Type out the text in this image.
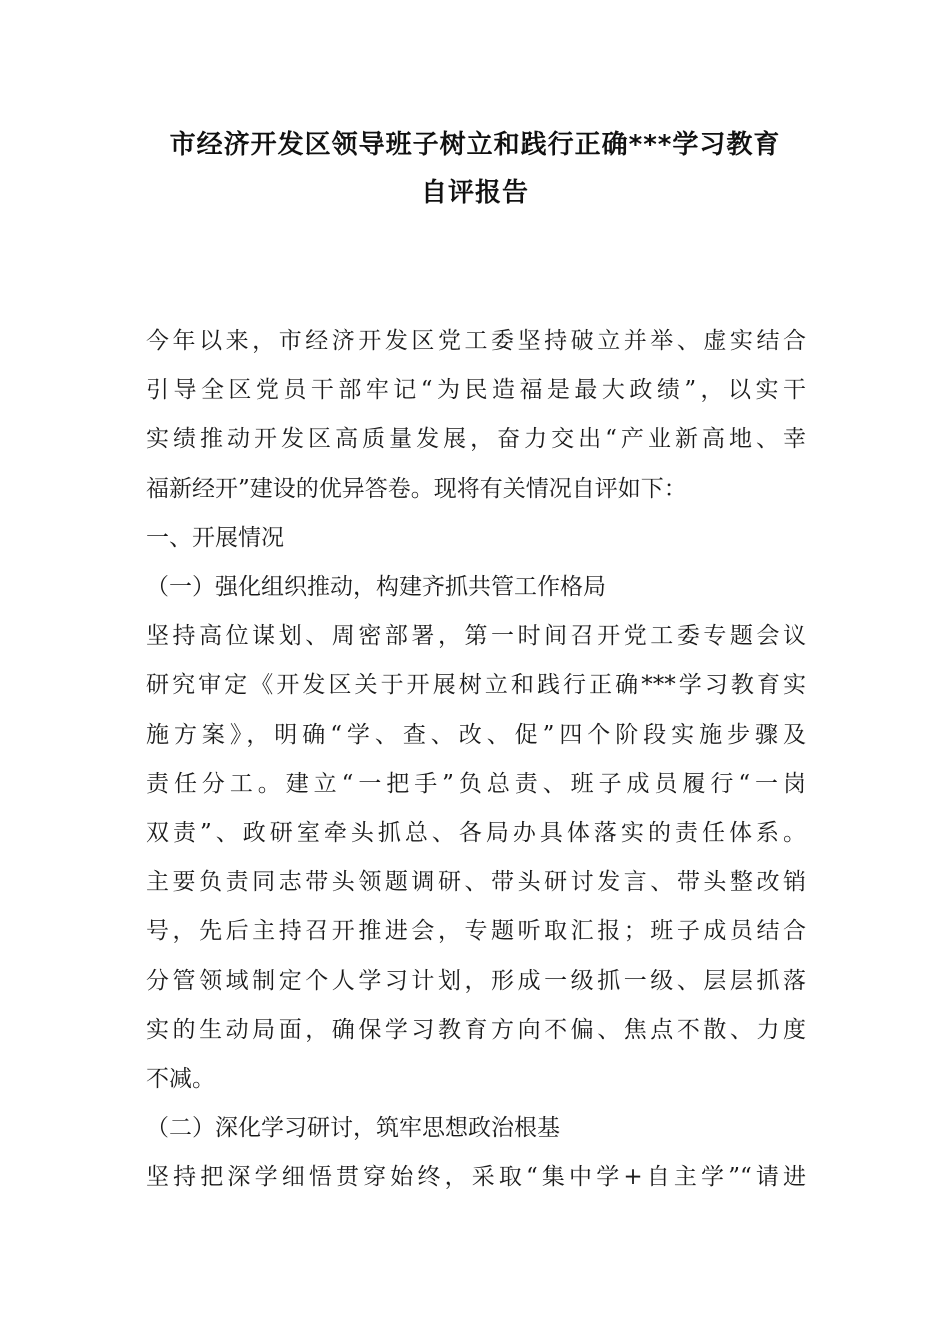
市经济开发区领导班子树立和践行正确***学习教育
自评报告
今年以来，市经济开发区党工委坚持破立并举、虚实结合
引导全区党员干部牢记“为民造福是最大政绩”，以实干
实绩推动开发区高质量发展，奋力交出“产业新高地、幸
福新经开”建设的优异答卷。现将有关情况自评如下：
一、开展情况
（一）强化组织推动，构建齐抓共管工作格局
坚持高位谋划、周密部署，第一时间召开党工委专题会议
研究审定《开发区关于开展树立和践行正确***学习教育实
施方案》，明确“学、查、改、促”四个阶段实施步骤及
责任分工。建立“一把手”负总责、班子成员履行“一岗
双责”、政研室牵头抓总、各局办具体落实的责任体系。
主要负责同志带头领题调研、带头研讨发言、带头整改销
号，先后主持召开推进会，专题听取汇报；班子成员结合
分管领域制定个人学习计划，形成一级抓一级、层层抓落
实的生动局面，确保学习教育方向不偏、焦点不散、力度
不减。
（二）深化学习研讨，筑牢思想政治根基
坚持把深学细悟贯穿始终，采取“集中学+自主学”“请进
